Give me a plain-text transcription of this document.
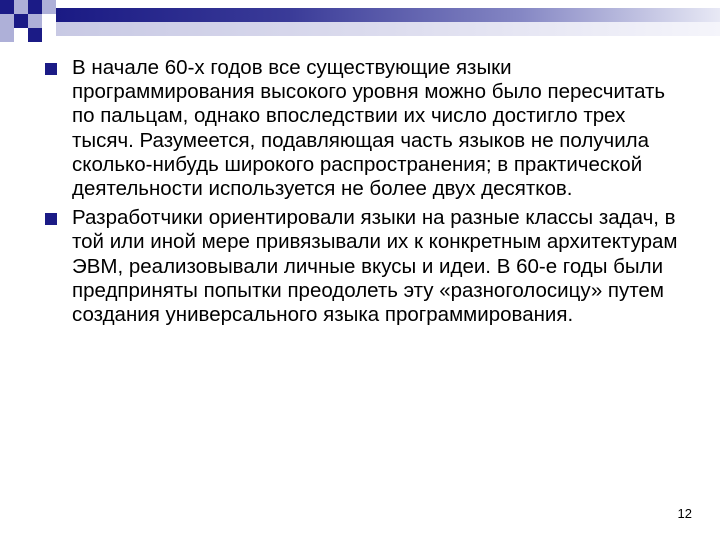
В начале 60-х годов все существующие языки программирования высокого уровня можно было пересчитать по пальцам, однако впоследствии их число достигло трех тысяч. Разумеется, подавляющая часть языков не получила сколько-нибудь широкого распространения; в практической деятельности используется не более двух десятков.
Разработчики ориентировали языки на разные классы задач, в той или иной мере привязывали их к конкретным архитектурам ЭВМ, реализовывали личные вкусы и идеи. В 60-е годы были предприняты попытки преодолеть эту «разноголосицу» путем создания универсального языка программирования.
12
